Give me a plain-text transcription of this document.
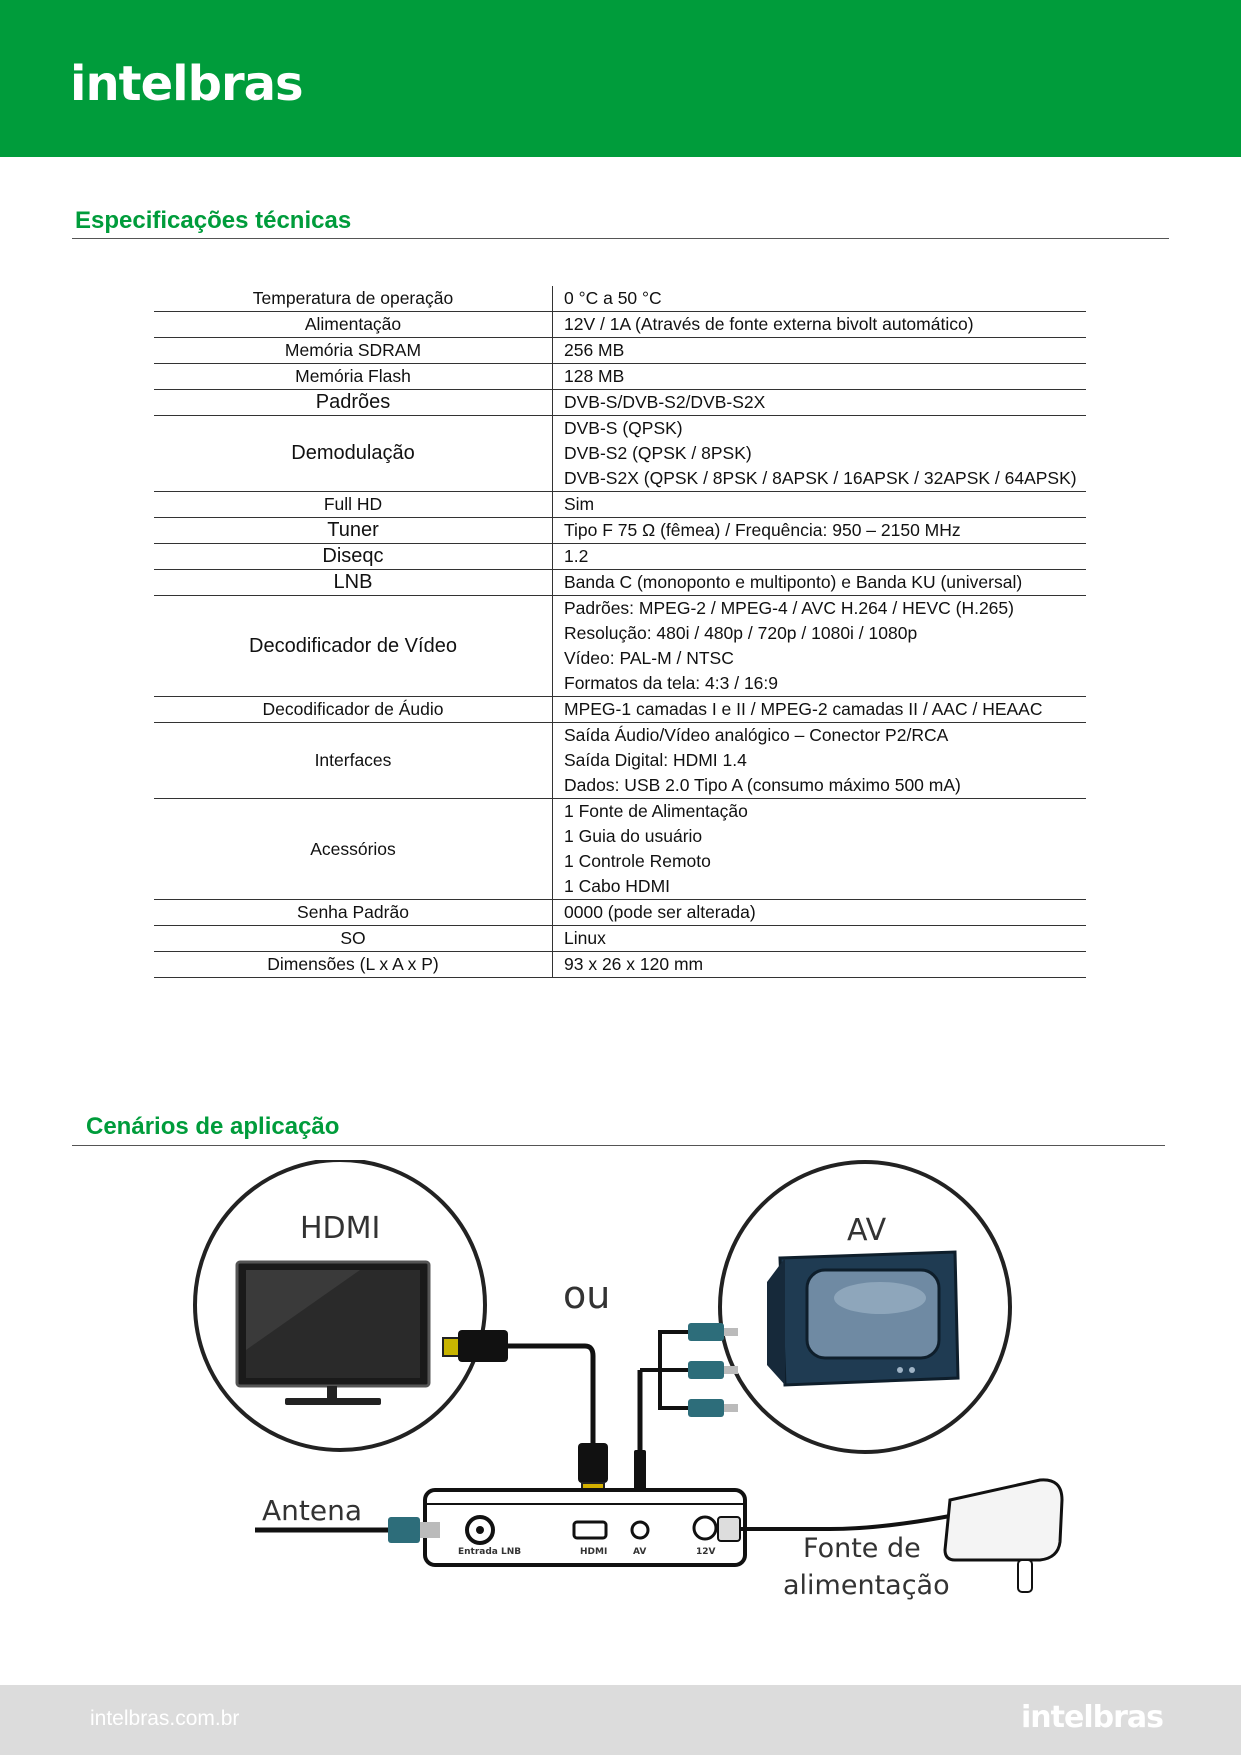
intelbras
Especificações técnicas
Temperatura de operação	0 °C a 50 °C

Alimentação	12V / 1A (Através de fonte externa bivolt automático)

Memória SDRAM	256 MB

Memória Flash	128 MB

Padrões	DVB-S/DVB-S2/DVB-S2X

Demodulação	DVB-S (QPSK)
DVB-S2 (QPSK / 8PSK)
DVB-S2X (QPSK / 8PSK / 8APSK / 16APSK / 32APSK / 64APSK)

Full HD	Sim

Tuner	Tipo F 75 Ω (fêmea) / Frequência: 950 – 2150 MHz

Diseqc	1.2

LNB	Banda C (monoponto e multiponto) e Banda KU (universal)

Decodificador de Vídeo	Padrões: MPEG-2 / MPEG-4 / AVC H.264 / HEVC (H.265)
Resolução: 480i / 480p / 720p / 1080i / 1080p
Vídeo: PAL-M / NTSC
Formatos da tela: 4:3 / 16:9

Decodificador de Áudio	MPEG-1 camadas I e II / MPEG-2 camadas II / AAC / HEAAC

Interfaces	Saída Áudio/Vídeo analógico – Conector P2/RCA
Saída Digital: HDMI 1.4
Dados: USB 2.0 Tipo A (consumo máximo 500 mA)

Acessórios	1 Fonte de Alimentação
1 Guia do usuário
1 Controle Remoto
1 Cabo HDMI

Senha Padrão	0000 (pode ser alterada)

SO	Linux

Dimensões (L x A x P)	93 x 26 x 120 mm
Cenários de aplicação
HDMI	AV
ou
Entrada LNB	HDMI	AV	12V
Antena
Fonte de
alimentação
intelbras.com.br	intelbras
